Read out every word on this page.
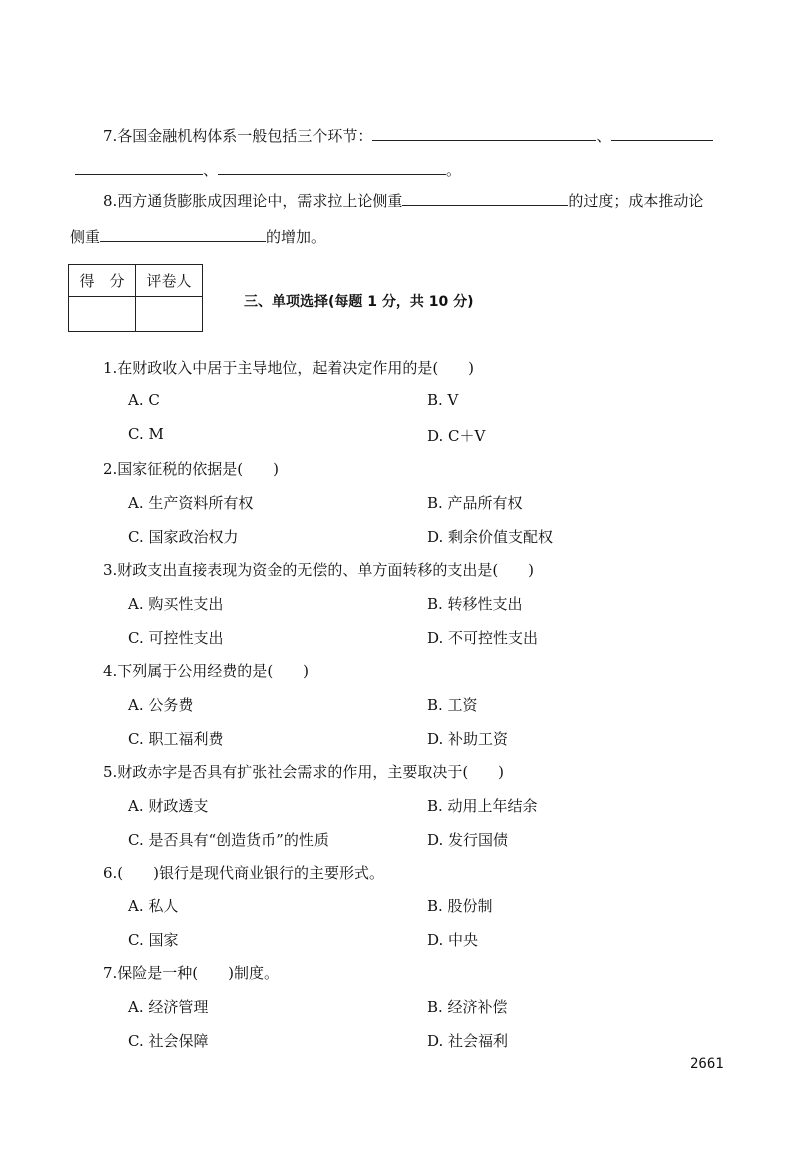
7.各国金融机构体系一般包括三个环节：	、
、	。
8.西方通货膨胀成因理论中，需求拉上论侧重	的过度；成本推动论
侧重	的增加。
得　分	评卷人

三、单项选择(每题 1 分，共 10 分)
1.在财政收入中居于主导地位，起着决定作用的是(　　)
A. C	B. V
C. M	D. C＋V
2.国家征税的依据是(　　)
A. 生产资料所有权	B. 产品所有权
C. 国家政治权力	D. 剩余价值支配权
3.财政支出直接表现为资金的无偿的、单方面转移的支出是(　　)
A. 购买性支出	B. 转移性支出
C. 可控性支出	D. 不可控性支出
4.下列属于公用经费的是(　　)
A. 公务费	B. 工资
C. 职工福利费	D. 补助工资
5.财政赤字是否具有扩张社会需求的作用，主要取决于(　　)
A. 财政透支	B. 动用上年结余
C. 是否具有“创造货币”的性质	D. 发行国债
6.(　　)银行是现代商业银行的主要形式。
A. 私人	B. 股份制
C. 国家	D. 中央
7.保险是一种(　　)制度。
A. 经济管理	B. 经济补偿
C. 社会保障	D. 社会福利
2661
